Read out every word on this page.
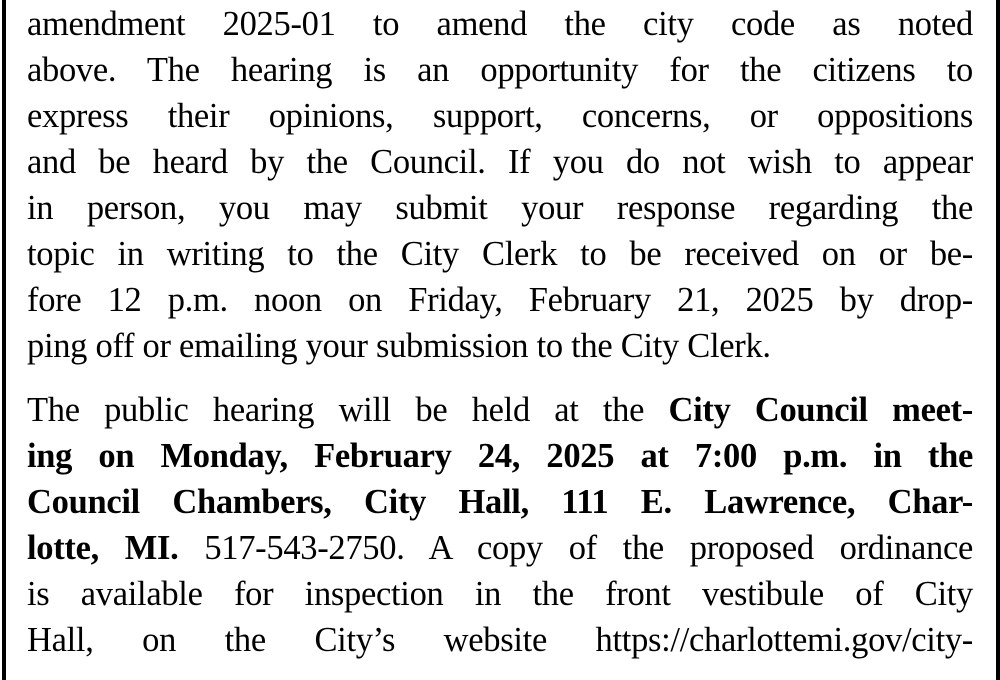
amendment 2025-01 to amend the city code as noted
above. The hearing is an opportunity for the citizens to
express their opinions, support, concerns, or oppositions
and be heard by the Council. If you do not wish to appear
in person, you may submit your response regarding the
topic in writing to the City Clerk to be received on or be-
fore 12 p.m. noon on Friday, February 21, 2025 by drop-
ping off or emailing your submission to the City Clerk.
The public hearing will be held at the City Council meet-
ing on Monday, February 24, 2025 at 7:00 p.m. in the
Council Chambers, City Hall, 111 E. Lawrence, Char-
lotte, MI. 517-543-2750. A copy of the proposed ordinance
is available for inspection in the front vestibule of City
Hall, on the City’s website https://charlottemi.gov/city-
